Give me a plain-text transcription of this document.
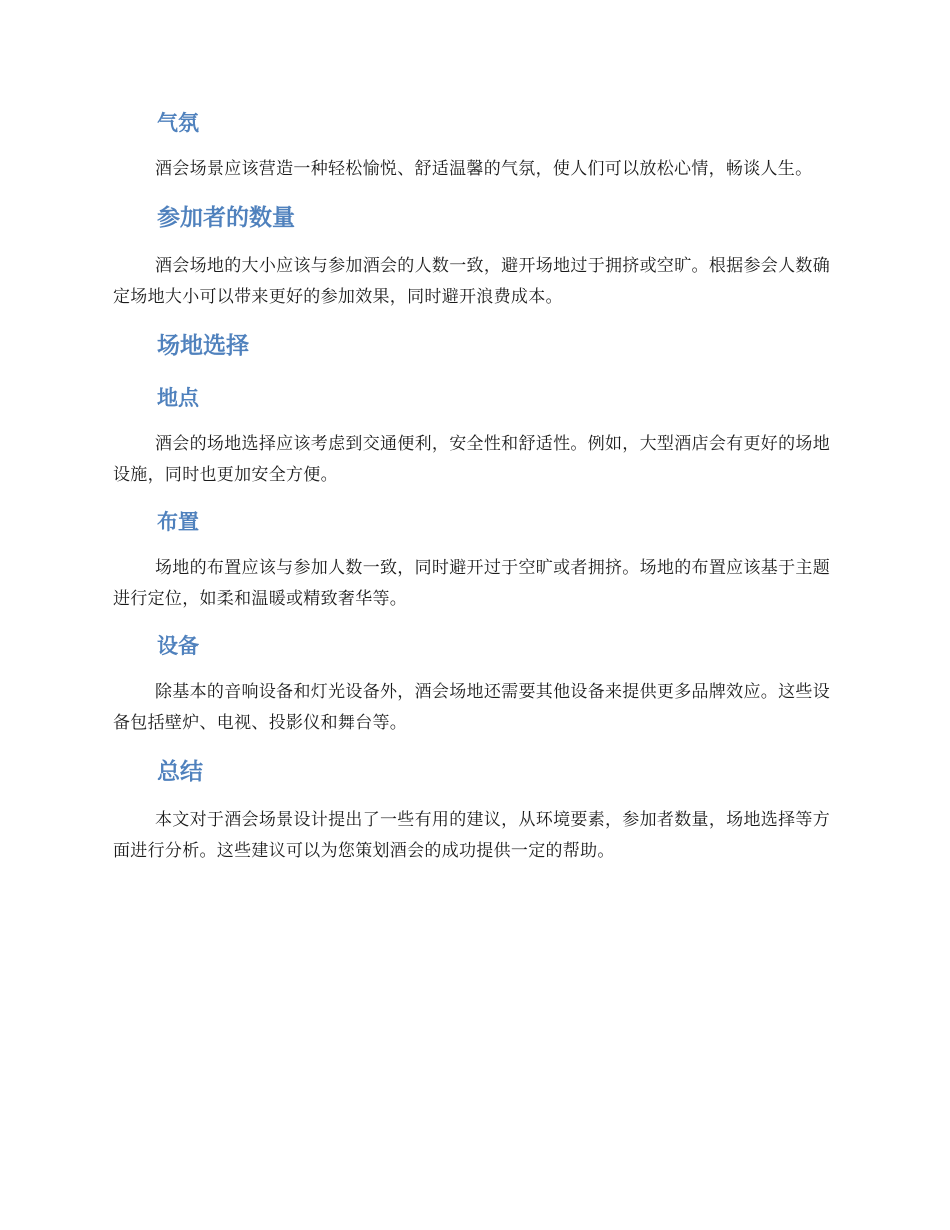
气氛

酒会场景应该营造一种轻松愉悦、舒适温馨的气氛，使人们可以放松心情，畅谈人生。

参加者的数量

酒会场地的大小应该与参加酒会的人数一致，避开场地过于拥挤或空旷。根据参会人数确定场地大小可以带来更好的参加效果，同时避开浪费成本。

场地选择
地点

酒会的场地选择应该考虑到交通便利，安全性和舒适性。例如，大型酒店会有更好的场地设施，同时也更加安全方便。

布置

场地的布置应该与参加人数一致，同时避开过于空旷或者拥挤。场地的布置应该基于主题进行定位，如柔和温暖或精致奢华等。

设备

除基本的音响设备和灯光设备外，酒会场地还需要其他设备来提供更多品牌效应。这些设备包括壁炉、电视、投影仪和舞台等。

总结

本文对于酒会场景设计提出了一些有用的建议，从环境要素，参加者数量，场地选择等方面进行分析。这些建议可以为您策划酒会的成功提供一定的帮助。
